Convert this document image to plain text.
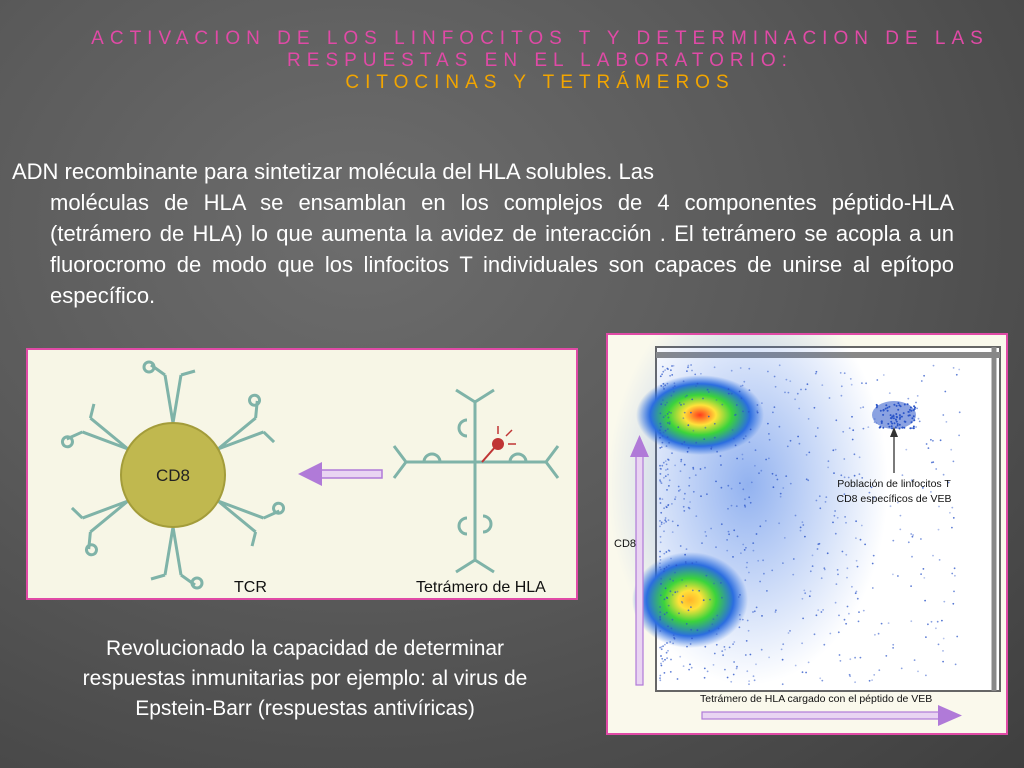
ACTIVACION DE LOS LINFOCITOS T Y DETERMINACION DE LAS
RESPUESTAS EN EL LABORATORIO:
CITOCINAS Y TETRÁMEROS
ADN recombinante para sintetizar molécula del HLA solubles. Las
moléculas de HLA se ensamblan en los complejos de 4 componentes péptido-HLA (tetrámero de HLA) lo que aumenta la avidez de interacción . El tetrámero se acopla a un fluorocromo de modo que los linfocitos T individuales son capaces de unirse al epítopo específico.
CD8
TCR	Tetrámero de HLA
Población de linfocitos T
CD8 específicos de VEB
CD8
Tetrámero de HLA cargado con el péptido de VEB
Revolucionado la capacidad de determinar respuestas inmunitarias por ejemplo: al virus de Epstein-Barr (respuestas antivíricas)
